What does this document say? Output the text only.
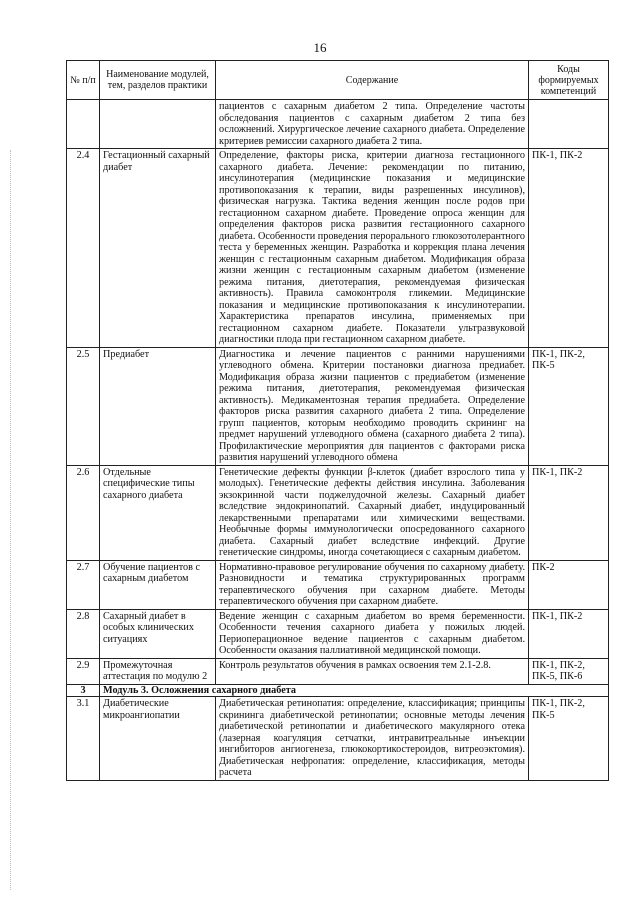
16
№ п/п	Наименование модулей, тем, разделов практики	Содержание	Коды формируемых компетенций
		пациентов с сахарным диабетом 2 типа. Определение частоты обследования пациентов с сахарным диабетом 2 типа без осложнений. Хирургическое лечение сахарного диабета. Определение критериев ремиссии сахарного диабета 2 типа.	
2.4	Гестационный сахарный диабет	Определение, факторы риска, критерии диагноза гестационного сахарного диабета. Лечение: рекомендации по питанию, инсулинотерапия (медицинские показания и медицинские противопоказания к терапии, виды разрешенных инсулинов), физическая нагрузка. Тактика ведения женщин после родов при гестационном сахарном диабете. Проведение опроса женщин для определения факторов риска развития гестационного сахарного диабета. Особенности проведения перорального глюкозотолерантного теста у беременных женщин. Разработка и коррекция плана лечения женщин с гестационным сахарным диабетом. Модификация образа жизни женщин с гестационным сахарным диабетом (изменение режима питания, диетотерапия, рекомендуемая физическая активность). Правила самоконтроля гликемии. Медицинские показания и медицинские противопоказания к инсулинотерапии. Характеристика препаратов инсулина, применяемых при гестационном сахарном диабете. Показатели ультразвуковой диагностики плода при гестационном сахарном диабете.	ПК-1, ПК-2
2.5	Предиабет	Диагностика и лечение пациентов с ранними нарушениями углеводного обмена. Критерии постановки диагноза предиабет. Модификация образа жизни пациентов с предиабетом (изменение режима питания, диетотерапия, рекомендуемая физическая активность). Медикаментозная терапия предиабета. Определение факторов риска развития сахарного диабета 2 типа. Определение групп пациентов, которым необходимо проводить скрининг на предмет нарушений углеводного обмена (сахарного диабета 2 типа). Профилактические мероприятия для пациентов с факторами риска развития нарушений углеводного обмена	ПК-1, ПК-2, ПК-5
2.6	Отдельные специфические типы сахарного диабета	Генетические дефекты функции β-клеток (диабет взрослого типа у молодых). Генетические дефекты действия инсулина. Заболевания экзокринной части поджелудочной железы. Сахарный диабет вследствие эндокринопатий. Сахарный диабет, индуцированный лекарственными препаратами или химическими веществами. Необычные формы иммунологически опосредованного сахарного диабета. Сахарный диабет вследствие инфекций. Другие генетические синдромы, иногда сочетающиеся с сахарным диабетом.	ПК-1, ПК-2
2.7	Обучение пациентов с сахарным диабетом	Нормативно-правовое регулирование обучения по сахарному диабету. Разновидности и тематика структурированных программ терапевтического обучения при сахарном диабете. Методы терапевтического обучения при сахарном диабете.	ПК-2
2.8	Сахарный диабет в особых клинических ситуациях	Ведение женщин с сахарным диабетом во время беременности. Особенности течения сахарного диабета у пожилых людей. Периоперационное ведение пациентов с сахарным диабетом. Особенности оказания паллиативной медицинской помощи.	ПК-1, ПК-2
2.9	Промежуточная аттестация по модулю 2	Контроль результатов обучения в рамках освоения тем 2.1-2.8.	ПК-1, ПК-2, ПК-5, ПК-6
3	Модуль 3. Осложнения сахарного диабета		
3.1	Диабетические микроангиопатии	Диабетическая ретинопатия: определение, классификация; принципы скрининга диабетической ретинопатии; основные методы лечения диабетической ретинопатии и диабетического макулярного отека (лазерная коагуляция сетчатки, интравитреальные инъекции ингибиторов ангиогенеза, глюкокортикостероидов, витреоэктомия). Диабетическая нефропатия: определение, классификация, методы расчета	ПК-1, ПК-2, ПК-5
